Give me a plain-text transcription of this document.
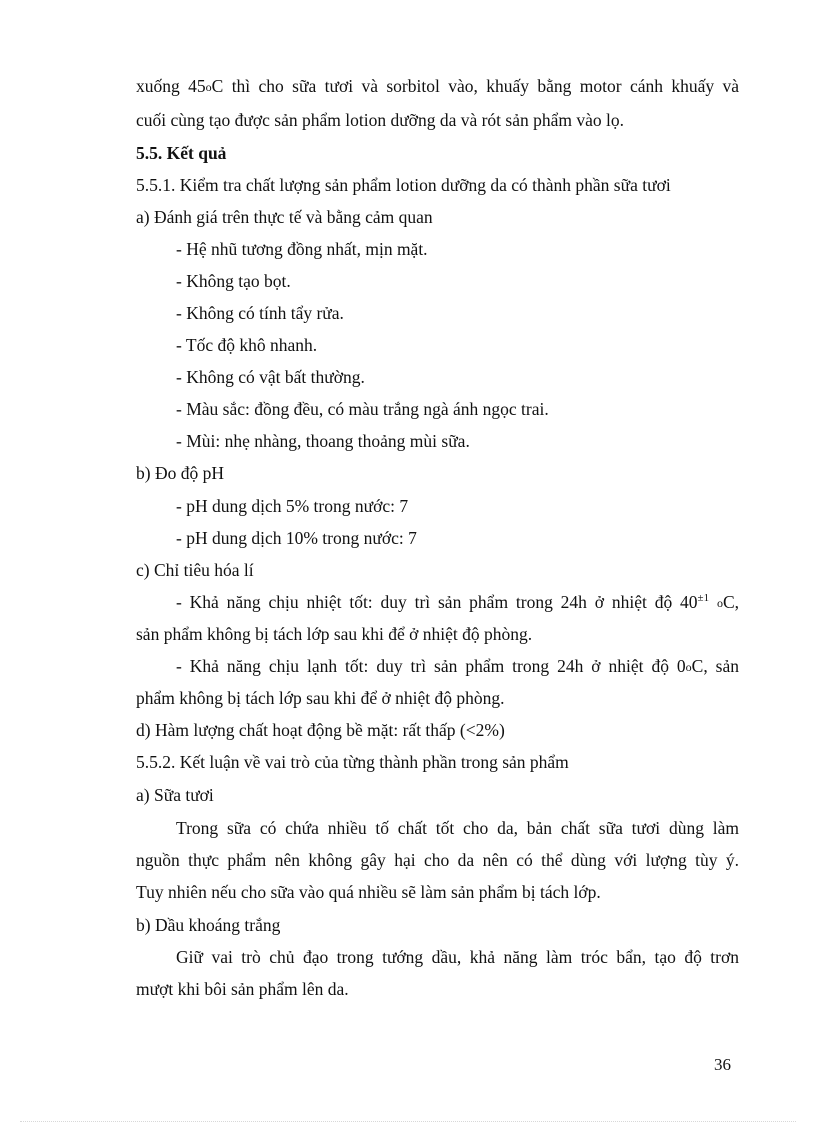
xuống 45oC thì cho sữa tươi và sorbitol vào, khuấy bằng motor cánh khuấy và
cuối cùng tạo được sản phẩm lotion dưỡng da và rót sản phẩm vào lọ.
5.5. Kết quả
5.5.1. Kiểm tra chất lượng sản phẩm lotion dưỡng da có thành phần sữa tươi
a) Đánh giá trên thực tế và bằng cảm quan
- Hệ nhũ tương đồng nhất, mịn mặt.
- Không tạo bọt.
- Không có tính tẩy rửa.
- Tốc độ khô nhanh.
- Không có vật bất thường.
- Màu sắc: đồng đều, có màu trắng ngà ánh ngọc trai.
- Mùi: nhẹ nhàng, thoang thoảng mùi sữa.
b) Đo độ pH
- pH dung dịch 5% trong nước: 7
- pH dung dịch 10% trong nước: 7
c) Chỉ tiêu hóa lí
- Khả năng chịu nhiệt tốt: duy trì sản phẩm trong 24h ở nhiệt độ $40^{\pm 1}$ oC,
sản phẩm không bị tách lớp sau khi để ở nhiệt độ phòng.
- Khả năng chịu lạnh tốt: duy trì sản phẩm trong 24h ở nhiệt độ 0oC, sản
phẩm không bị tách lớp sau khi để ở nhiệt độ phòng.
d) Hàm lượng chất hoạt động bề mặt: rất thấp (<2%)
5.5.2. Kết luận về vai trò của từng thành phần trong sản phẩm
a) Sữa tươi
Trong sữa có chứa nhiều tố chất tốt cho da, bản chất sữa tươi dùng làm
nguồn thực phẩm nên không gây hại cho da nên có thể dùng với lượng tùy ý.
Tuy nhiên nếu cho sữa vào quá nhiều sẽ làm sản phẩm bị tách lớp.
b) Dầu khoáng trắng
Giữ vai trò chủ đạo trong tướng dầu, khả năng làm tróc bẩn, tạo độ trơn
mượt khi bôi sản phẩm lên da.
36
